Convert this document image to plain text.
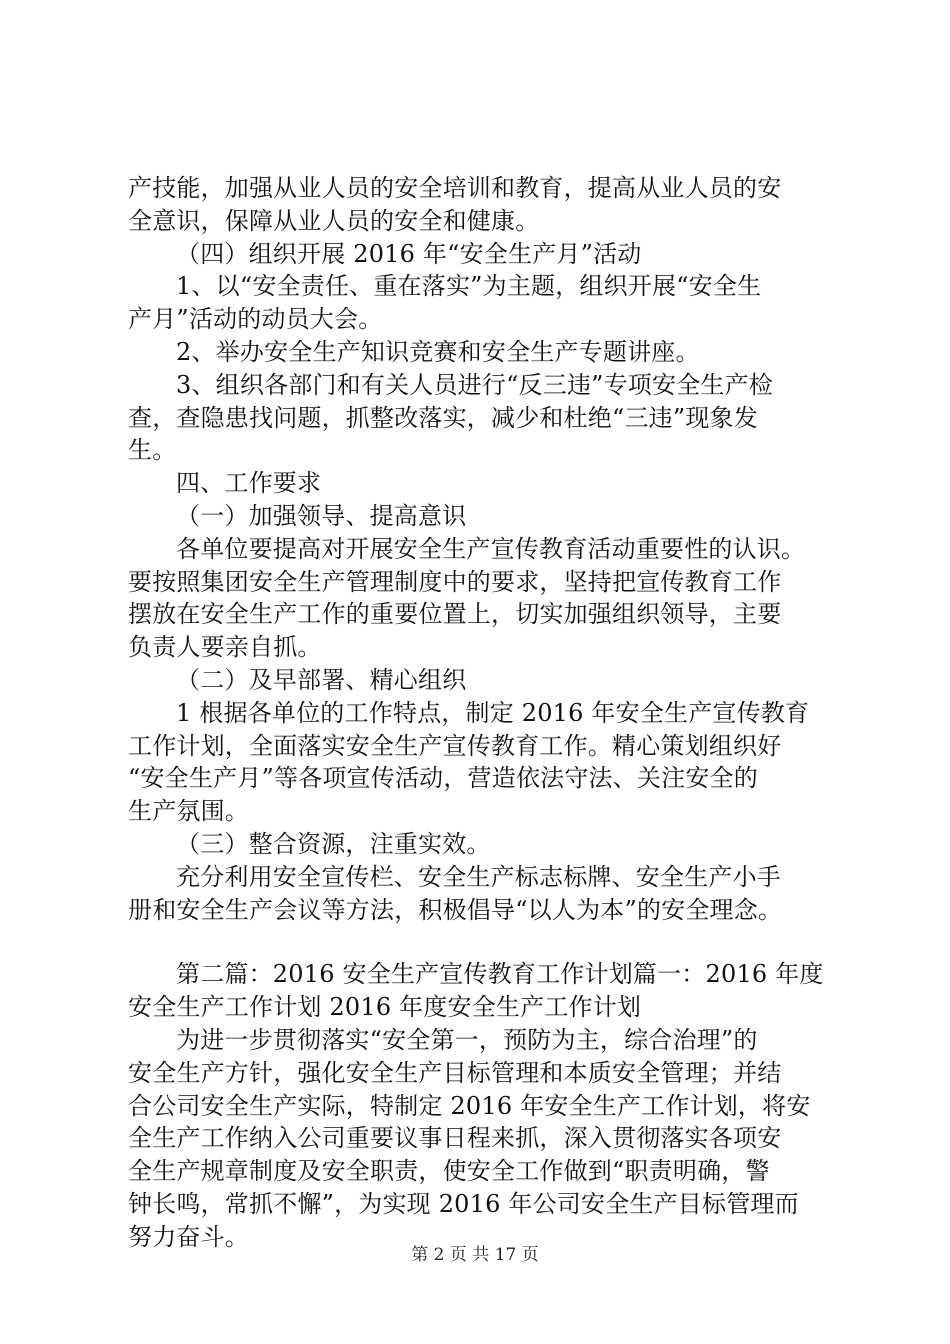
产技能，加强从业人员的安全培训和教育，提高从业人员的安
全意识，保障从业人员的安全和健康。
（四）组织开展 2016 年“安全生产月”活动
1、以“安全责任、重在落实”为主题，组织开展“安全生
产月”活动的动员大会。
2、举办安全生产知识竞赛和安全生产专题讲座。
3、组织各部门和有关人员进行“反三违”专项安全生产检
查，查隐患找问题，抓整改落实，减少和杜绝“三违”现象发
生。
四、工作要求
（一）加强领导、提高意识
各单位要提高对开展安全生产宣传教育活动重要性的认识。
要按照集团安全生产管理制度中的要求，坚持把宣传教育工作
摆放在安全生产工作的重要位置上，切实加强组织领导，主要
负责人要亲自抓。
（二）及早部署、精心组织
1 根据各单位的工作特点，制定 2016 年安全生产宣传教育
工作计划，全面落实安全生产宣传教育工作。精心策划组织好
“安全生产月”等各项宣传活动，营造依法守法、关注安全的
生产氛围。
（三）整合资源，注重实效。
充分利用安全宣传栏、安全生产标志标牌、安全生产小手
册和安全生产会议等方法，积极倡导“以人为本”的安全理念。
第二篇：2016 安全生产宣传教育工作计划篇一：2016 年度
安全生产工作计划 2016 年度安全生产工作计划
为进一步贯彻落实“安全第一，预防为主，综合治理”的
安全生产方针，强化安全生产目标管理和本质安全管理；并结
合公司安全生产实际，特制定 2016 年安全生产工作计划，将安
全生产工作纳入公司重要议事日程来抓，深入贯彻落实各项安
全生产规章制度及安全职责，使安全工作做到“职责明确，警
钟长鸣，常抓不懈”，为实现 2016 年公司安全生产目标管理而
努力奋斗。
第 2 页 共 17 页
